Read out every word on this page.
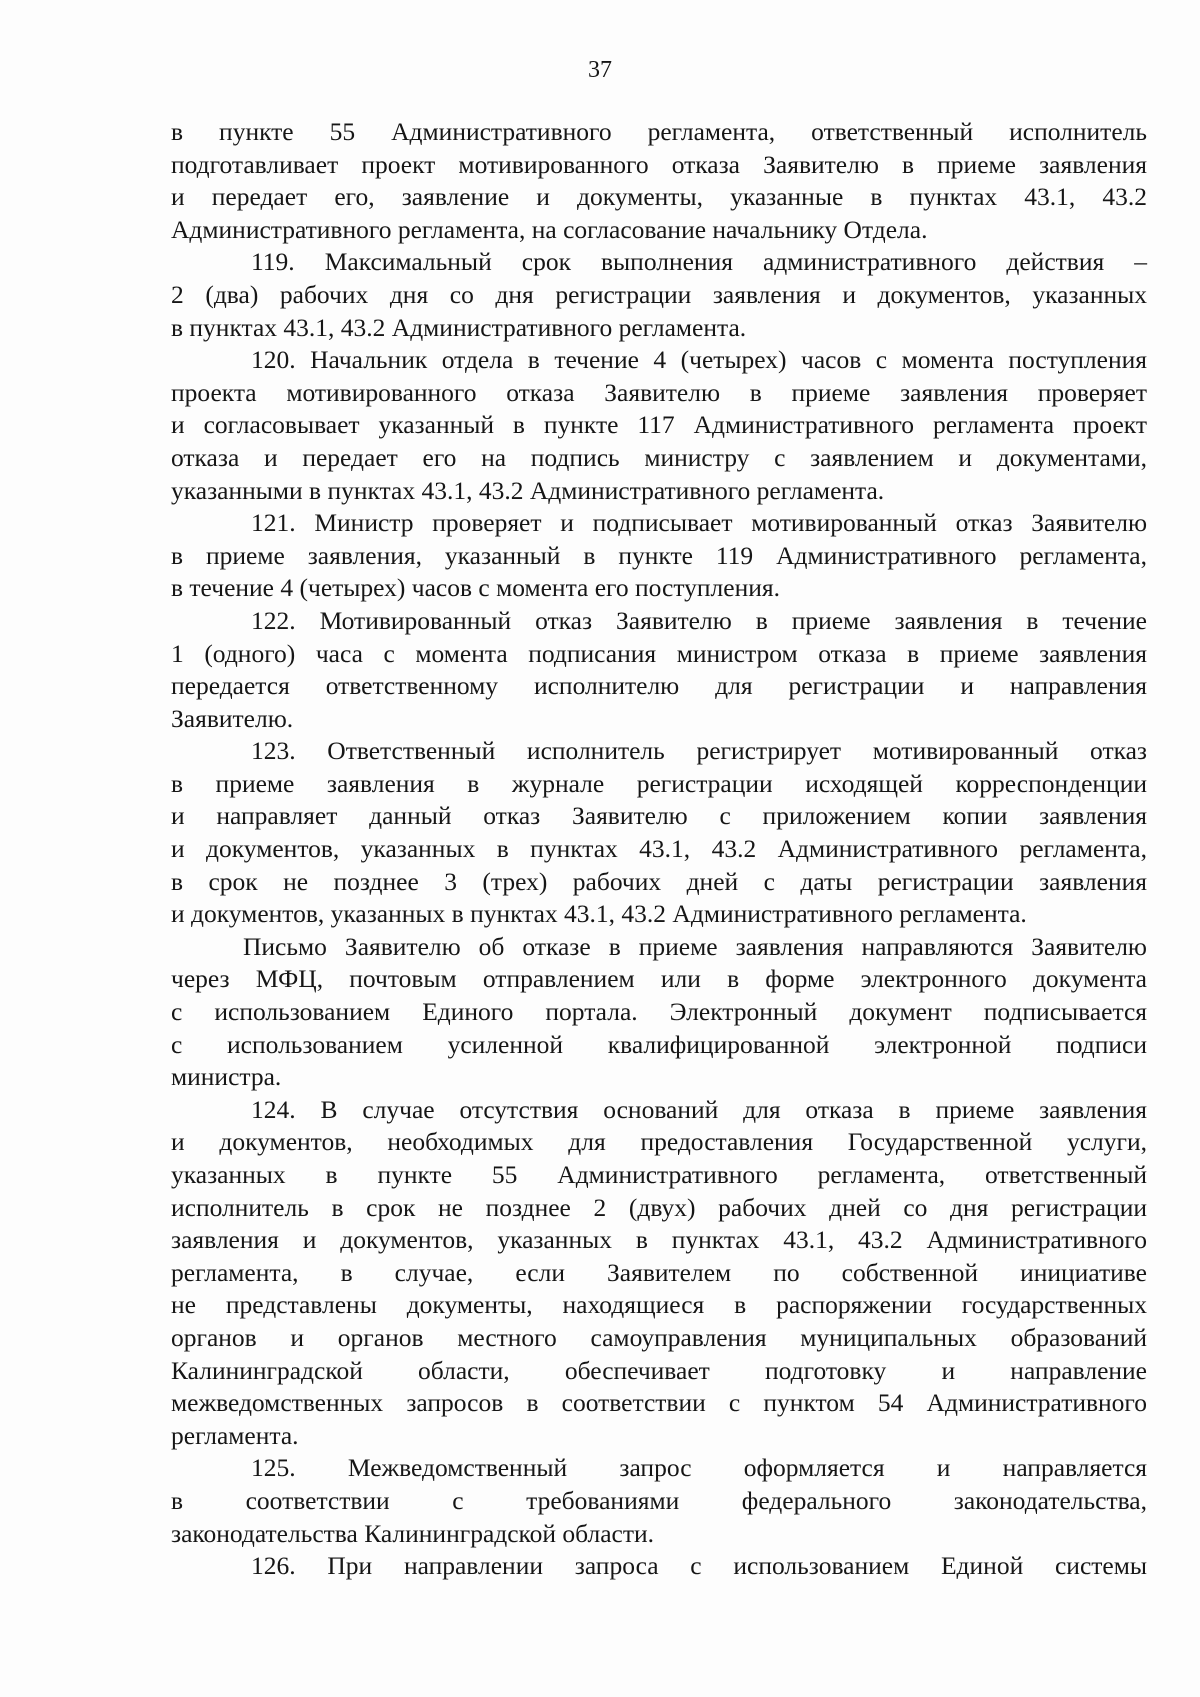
37
в пункте 55 Административного регламента, ответственный исполнитель
подготавливает проект мотивированного отказа Заявителю в приеме заявления
и передает его, заявление и документы, указанные в пунктах 43.1, 43.2
Административного регламента, на согласование начальнику Отдела.
119. Максимальный срок выполнения административного действия –
2 (два) рабочих дня со дня регистрации заявления и документов, указанных
в пунктах 43.1, 43.2 Административного регламента.
120. Начальник отдела в течение 4 (четырех) часов с момента поступления
проекта мотивированного отказа Заявителю в приеме заявления проверяет
и согласовывает указанный в пункте 117 Административного регламента проект
отказа и передает его на подпись министру с заявлением и документами,
указанными в пунктах 43.1, 43.2 Административного регламента.
121. Министр проверяет и подписывает мотивированный отказ Заявителю
в приеме заявления, указанный в пункте 119 Административного регламента,
в течение 4 (четырех) часов с момента его поступления.
122. Мотивированный отказ Заявителю в приеме заявления в течение
1 (одного) часа с момента подписания министром отказа в приеме заявления
передается ответственному исполнителю для регистрации и направления
Заявителю.
123. Ответственный исполнитель регистрирует мотивированный отказ
в приеме заявления в журнале регистрации исходящей корреспонденции
и направляет данный отказ Заявителю с приложением копии заявления
и документов, указанных в пунктах 43.1, 43.2 Административного регламента,
в срок не позднее 3 (трех) рабочих дней с даты регистрации заявления
и документов, указанных в пунктах 43.1, 43.2 Административного регламента.
Письмо Заявителю об отказе в приеме заявления направляются Заявителю
через МФЦ, почтовым отправлением или в форме электронного документа
с использованием Единого портала. Электронный документ подписывается
с использованием усиленной квалифицированной электронной подписи
министра.
124. В случае отсутствия оснований для отказа в приеме заявления
и документов, необходимых для предоставления Государственной услуги,
указанных в пункте 55 Административного регламента, ответственный
исполнитель в срок не позднее 2 (двух) рабочих дней со дня регистрации
заявления и документов, указанных в пунктах 43.1, 43.2 Административного
регламента, в случае, если Заявителем по собственной инициативе
не представлены документы, находящиеся в распоряжении государственных
органов и органов местного самоуправления муниципальных образований
Калининградской области, обеспечивает подготовку и направление
межведомственных запросов в соответствии с пунктом 54 Административного
регламента.
125. Межведомственный запрос оформляется и направляется
в соответствии с требованиями федерального законодательства,
законодательства Калининградской области.
126. При направлении запроса с использованием Единой системы
